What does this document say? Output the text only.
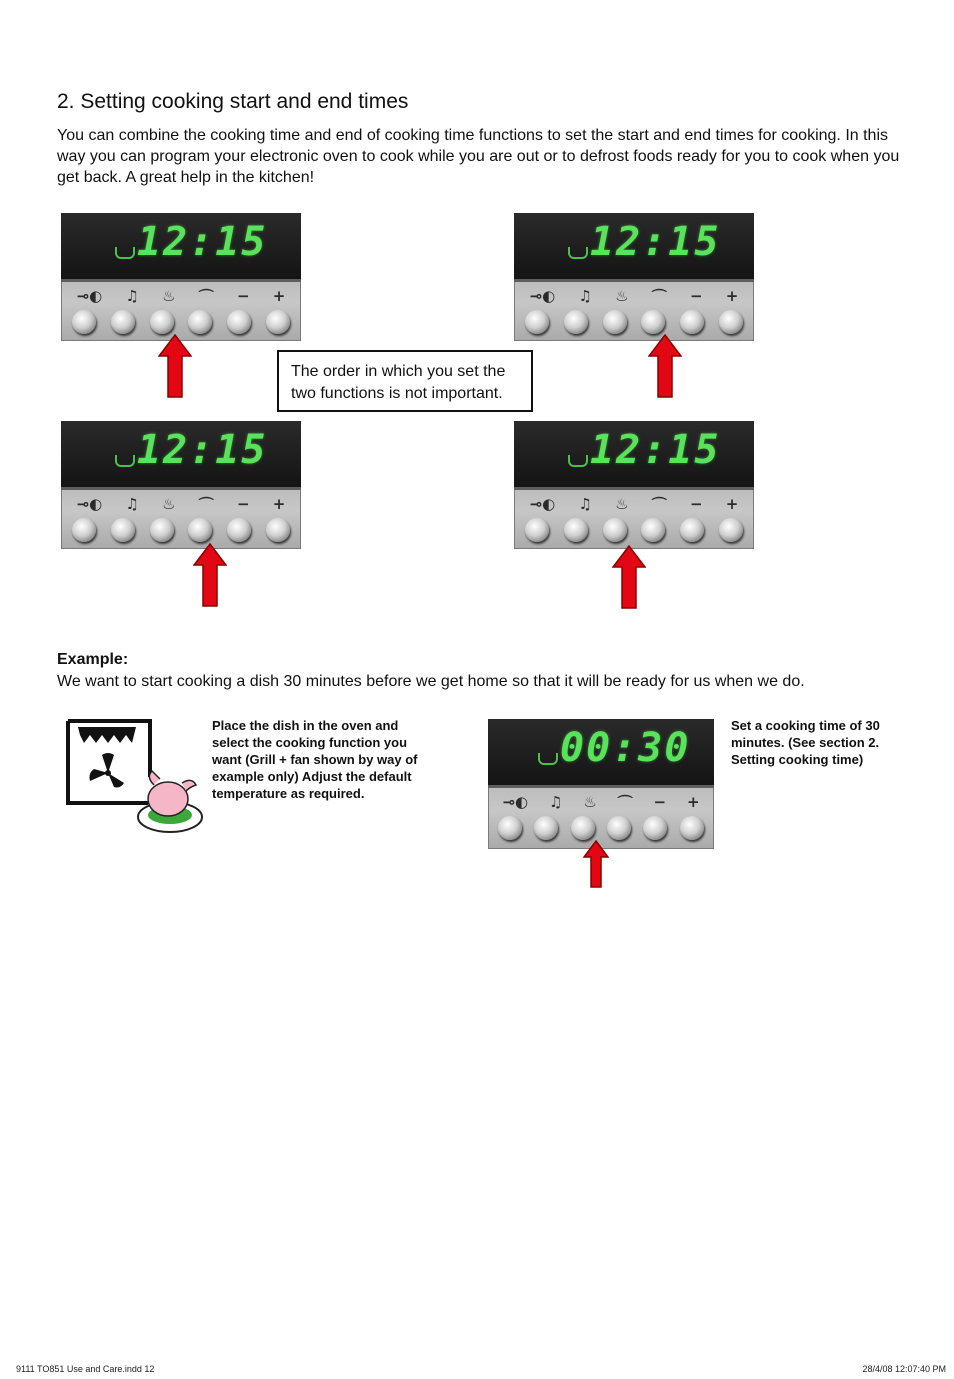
2. Setting cooking start and end times

You can combine the cooking time and end of cooking time functions to set the start and end times for cooking. In this way you can program your electronic oven to cook while you are out or to defrost foods ready for you to cook when you get back. A great help in the kitchen!

12:15
⊸◐ ♫ ♨ ⌒ − +
12:15
⊸◐ ♫ ♨ ⌒ − +
The order in which you set the two functions is not important.
12:15
⊸◐ ♫ ♨ ⌒ − +
12:15
⊸◐ ♫ ♨ ⌒ − +
Example:
We want to start cooking a dish 30 minutes before we get home so that it will be ready for us when we do.
Place the dish in the oven and select the cooking function you want (Grill + fan shown by way of example only) Adjust the default temperature as required.
00:30
⊸◐ ♫ ♨ ⌒ − +
Set a cooking time of 30 minutes. (See section 2. Setting cooking time)
9111 TO851 Use and Care.indd 12	28/4/08 12:07:40 PM
